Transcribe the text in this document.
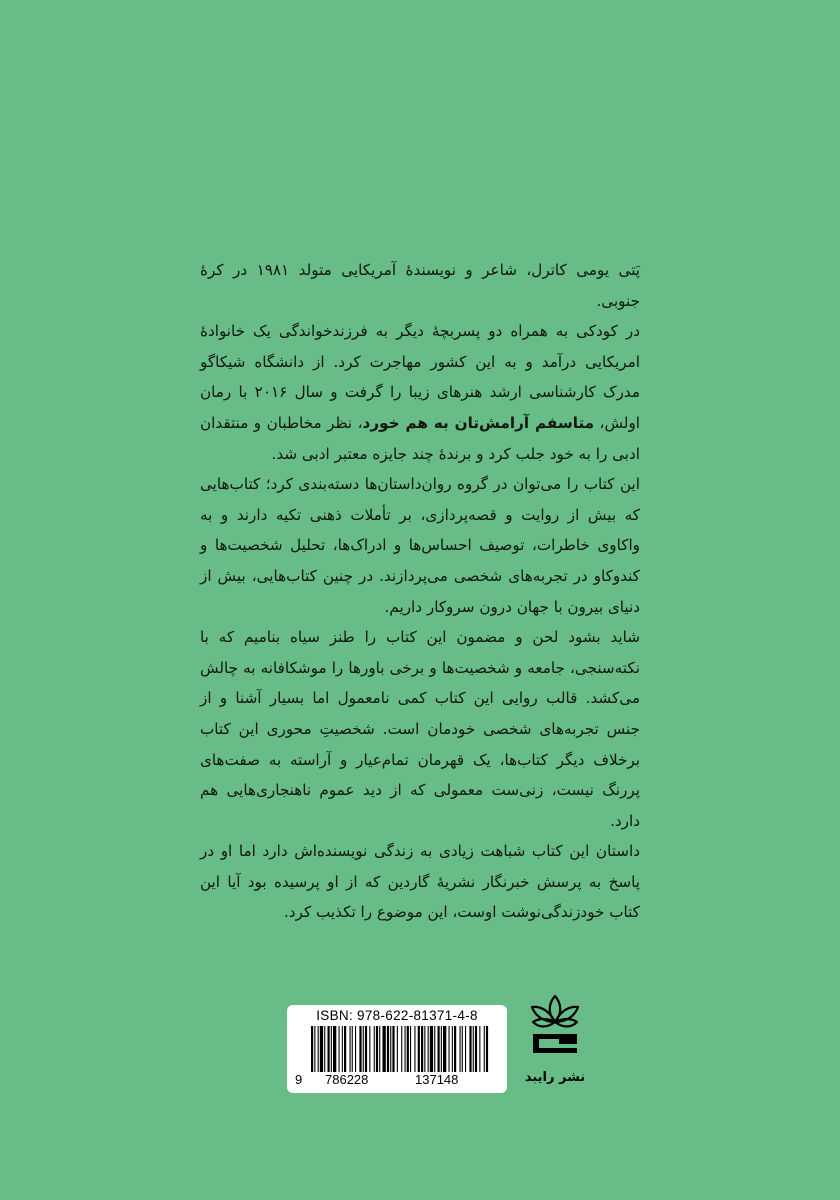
پَتی یومی کاترل، شاعر و نویسندهٔ آمریکایی متولد ۱۹۸۱ در کرهٔ جنوبی.

در کودکی به همراه دو پسربچهٔ دیگر به فرزندخواندگی یک خانوادهٔ امریکایی درآمد و به این کشور مهاجرت کرد. از دانشگاه شیکاگو مدرک کارشناسی ارشد هنرهای زیبا را گرفت و سال ۲۰۱۶ با رمان اولش، متاسفم آرامش‌تان به هم خورد، نظر مخاطبان و منتقدان ادبی را به خود جلب کرد و برندهٔ چند جایزه معتبر ادبی شد.

این کتاب را می‌توان در گروه روان‌داستان‌ها دسته‌بندی کرد؛ کتاب‌هایی که بیش از روایت و قصه‌پردازی، بر تأملات ذهنی تکیه دارند و به واکاوی خاطرات، توصیف احساس‌ها و ادراک‌ها، تحلیل شخصیت‌ها و کندوکاو در تجربه‌های شخصی می‌پردازند. در چنین کتاب‌هایی، بیش از دنیای بیرون با جهان درون سروکار داریم.

شاید بشود لحن و مضمون این کتاب را طنز سیاه بنامیم که با نکته‌سنجی، جامعه و شخصیت‌ها و برخی باورها را موشکافانه به چالش می‌کشد. قالب روایی این کتاب کمی نامعمول اما بسیار آشنا و از جنس تجربه‌های شخصی خودمان است. شخصیتِ محوری این کتاب برخلاف دیگر کتاب‌ها، یک قهرمان تمام‌عیار و آراسته به صفت‌های پررنگ نیست، زنی‌ست معمولی که از دید عموم ناهنجاری‌هایی هم دارد.

داستان این کتاب شباهت زیادی به زندگی نویسنده‌اش دارد اما او در پاسخ به پرسش خبرنگار نشریهٔ گاردین که از او پرسیده بود آیا این کتاب خودزندگی‌نوشت اوست، این موضوع را تکذیب کرد.

ISBN: 978-622-81371-4-8
9 786228	137148	نشر رایبد
